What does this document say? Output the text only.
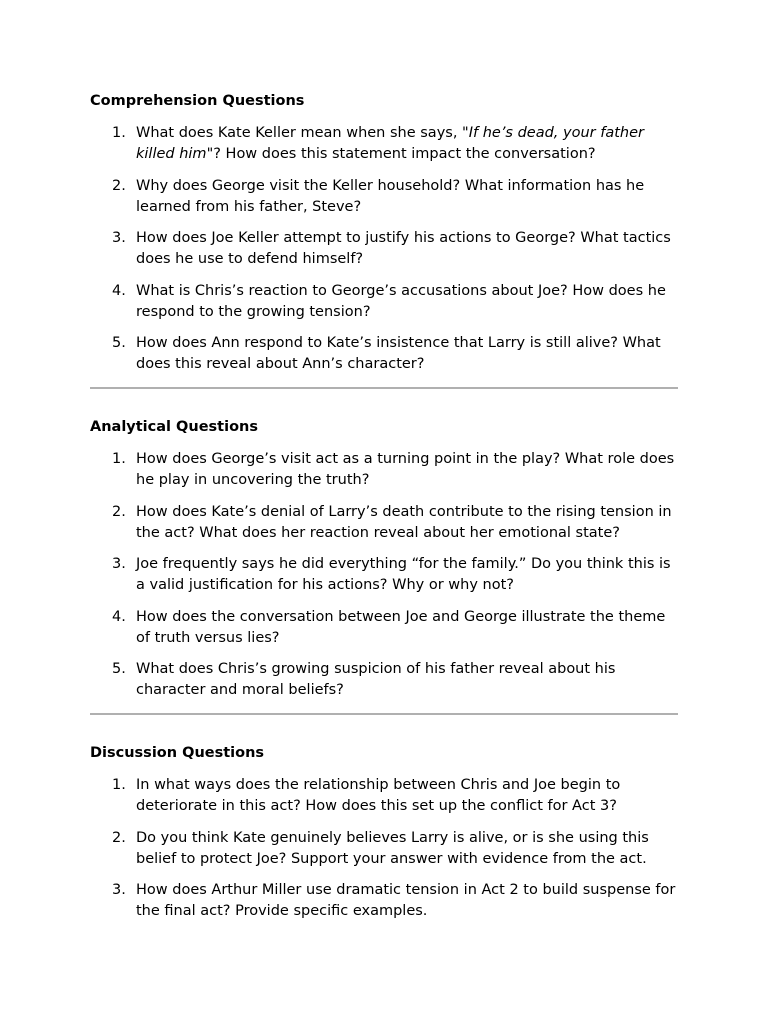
Comprehension Questions
1. What does Kate Keller mean when she says, "If he’s dead, your father killed him"? How does this statement impact the conversation?
2. Why does George visit the Keller household? What information has he learned from his father, Steve?
3. How does Joe Keller attempt to justify his actions to George? What tactics does he use to defend himself?
4. What is Chris’s reaction to George’s accusations about Joe? How does he respond to the growing tension?
5. How does Ann respond to Kate’s insistence that Larry is still alive? What does this reveal about Ann’s character?
Analytical Questions
1. How does George’s visit act as a turning point in the play? What role does he play in uncovering the truth?
2. How does Kate’s denial of Larry’s death contribute to the rising tension in the act? What does her reaction reveal about her emotional state?
3. Joe frequently says he did everything “for the family.” Do you think this is a valid justification for his actions? Why or why not?
4. How does the conversation between Joe and George illustrate the theme of truth versus lies?
5. What does Chris’s growing suspicion of his father reveal about his character and moral beliefs?
Discussion Questions
1. In what ways does the relationship between Chris and Joe begin to deteriorate in this act? How does this set up the conflict for Act 3?
2. Do you think Kate genuinely believes Larry is alive, or is she using this belief to protect Joe? Support your answer with evidence from the act.
3. How does Arthur Miller use dramatic tension in Act 2 to build suspense for the final act? Provide specific examples.
